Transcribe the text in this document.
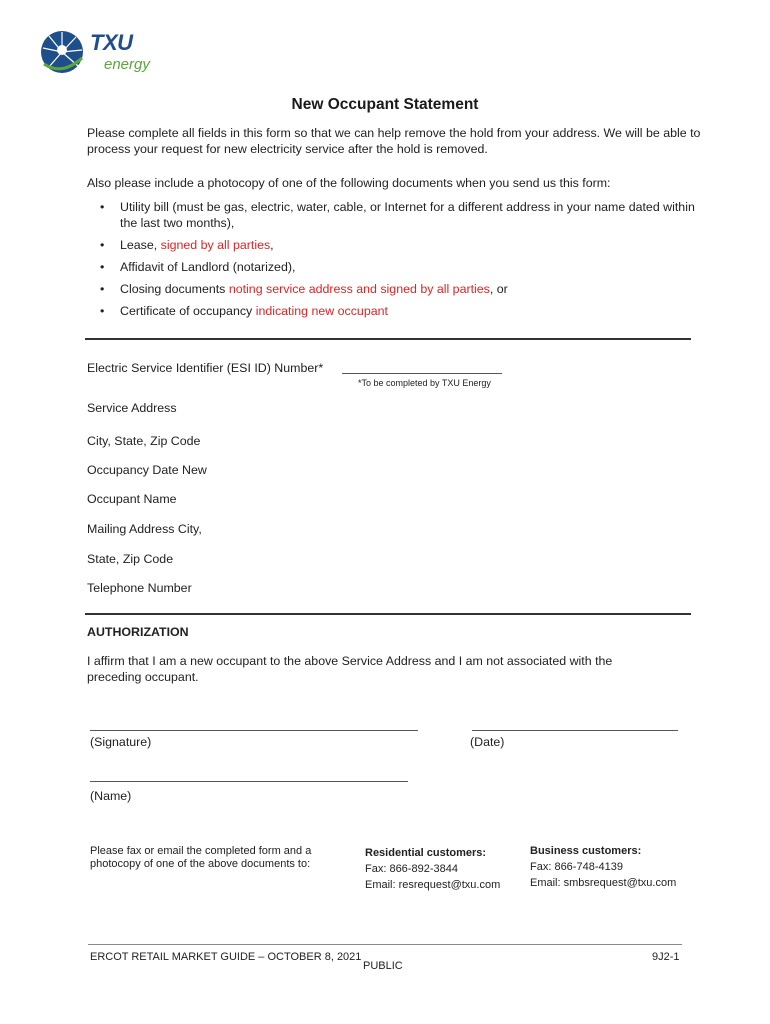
TXU
energy
New Occupant Statement
Please complete all fields in this form so that we can help remove the hold from your address. We will be able to process your request for new electricity service after the hold is removed.
Also please include a photocopy of one of the following documents when you send us this form:
• Utility bill (must be gas, electric, water, cable, or Internet for a different address in your name dated within the last two months),
• Lease, signed by all parties,
• Affidavit of Landlord (notarized),
• Closing documents noting service address and signed by all parties, or
• Certificate of occupancy indicating new occupant
Electric Service Identifier (ESI ID) Number*
*To be completed by TXU Energy
Service Address
City, State, Zip Code
Occupancy Date New
Occupant Name
Mailing Address City,
State, Zip Code
Telephone Number
AUTHORIZATION
I affirm that I am a new occupant to the above Service Address and I am not associated with the preceding occupant.
(Signature)	(Date)
(Name)
Please fax or email the completed form and a photocopy of one of the above documents to:
Residential customers:
Fax: 866-892-3844
Email: resrequest@txu.com
Business customers:
Fax: 866-748-4139
Email: smbsrequest@txu.com
ERCOT RETAIL MARKET GUIDE – OCTOBER 8, 2021
PUBLIC
9J2-1
